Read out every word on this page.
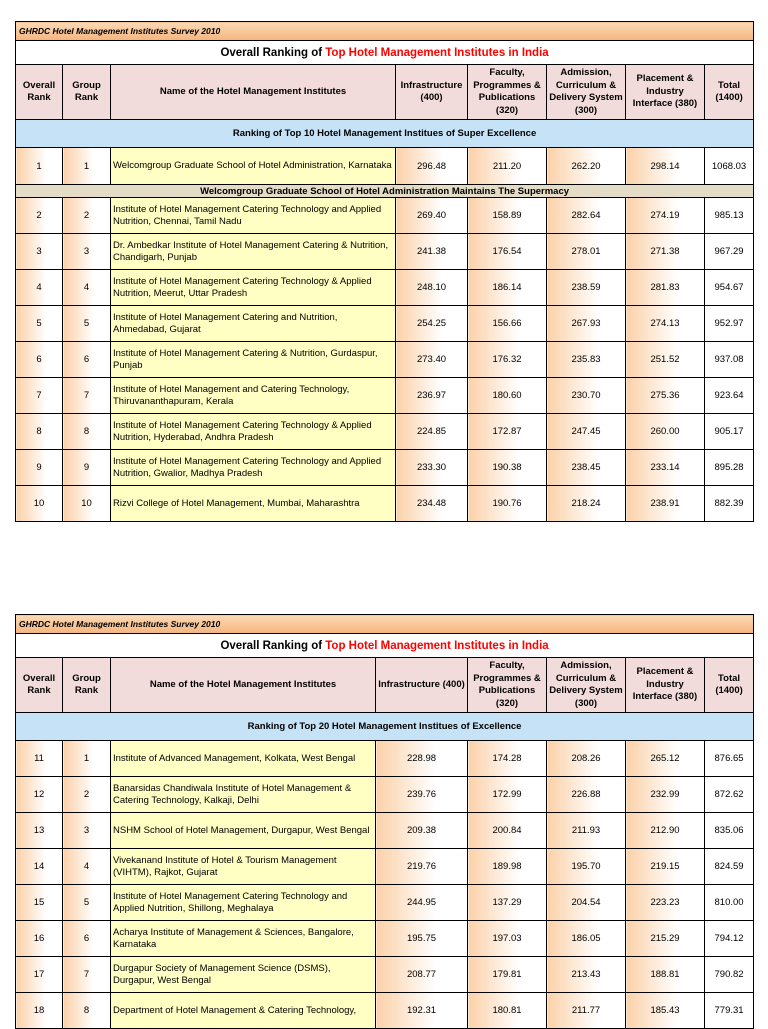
GHRDC Hotel Management Institutes Survey 2010							
Overall Ranking of Top Hotel Management Institutes in India							
Overall Rank	Group Rank	Name of the Hotel Management Institutes	Infrastructure (400)	Faculty, Programmes & Publications (320)	Admission, Curriculum & Delivery System (300)	Placement & Industry Interface (380)	Total (1400)
Ranking of Top 10 Hotel Management Institues of Super Excellence							
1	1	Welcomgroup Graduate School of Hotel Administration, Karnataka	296.48	211.20	262.20	298.14	1068.03
Welcomgroup Graduate School of Hotel Administration Maintains The Supermacy							
2	2	Institute of Hotel Management Catering Technology and Applied Nutrition, Chennai, Tamil Nadu	269.40	158.89	282.64	274.19	985.13
3	3	Dr. Ambedkar Institute of Hotel Management Catering & Nutrition, Chandigarh, Punjab	241.38	176.54	278.01	271.38	967.29
4	4	Institute of Hotel Management Catering Technology & Applied Nutrition, Meerut, Uttar Pradesh	248.10	186.14	238.59	281.83	954.67
5	5	Institute of Hotel Management Catering and Nutrition, Ahmedabad, Gujarat	254.25	156.66	267.93	274.13	952.97
6	6	Institute of Hotel Management Catering & Nutrition, Gurdaspur, Punjab	273.40	176.32	235.83	251.52	937.08
7	7	Institute of Hotel Management and Catering Technology, Thiruvananthapuram, Kerala	236.97	180.60	230.70	275.36	923.64
8	8	Institute of Hotel Management Catering Technology & Applied Nutrition, Hyderabad, Andhra Pradesh	224.85	172.87	247.45	260.00	905.17
9	9	Institute of Hotel Management Catering Technology and Applied Nutrition, Gwalior, Madhya Pradesh	233.30	190.38	238.45	233.14	895.28
10	10	Rizvi College of Hotel Management, Mumbai, Maharashtra	234.48	190.76	218.24	238.91	882.39
GHRDC Hotel Management Institutes Survey 2010							
Overall Ranking of Top Hotel Management Institutes in India							
Overall Rank	Group Rank	Name of the Hotel Management Institutes	Infrastructure (400)	Faculty, Programmes & Publications (320)	Admission, Curriculum & Delivery System (300)	Placement & Industry Interface (380)	Total (1400)
Ranking of Top 20 Hotel Management Institues of Excellence							
11	1	Institute of Advanced Management, Kolkata, West Bengal	228.98	174.28	208.26	265.12	876.65
12	2	Banarsidas Chandiwala Institute of Hotel Management & Catering Technology, Kalkaji, Delhi	239.76	172.99	226.88	232.99	872.62
13	3	NSHM School of Hotel Management, Durgapur, West Bengal	209.38	200.84	211.93	212.90	835.06
14	4	Vivekanand Institute of Hotel & Tourism Management (VIHTM), Rajkot, Gujarat	219.76	189.98	195.70	219.15	824.59
15	5	Institute of Hotel Management Catering Technology and Applied Nutrition, Shillong, Meghalaya	244.95	137.29	204.54	223.23	810.00
16	6	Acharya Institute of Management & Sciences, Bangalore, Karnataka	195.75	197.03	186.05	215.29	794.12
17	7	Durgapur Society of Management Science (DSMS), Durgapur, West Bengal	208.77	179.81	213.43	188.81	790.82
18	8	Department of Hotel Management & Catering Technology,	192.31	180.81	211.77	185.43	779.31
